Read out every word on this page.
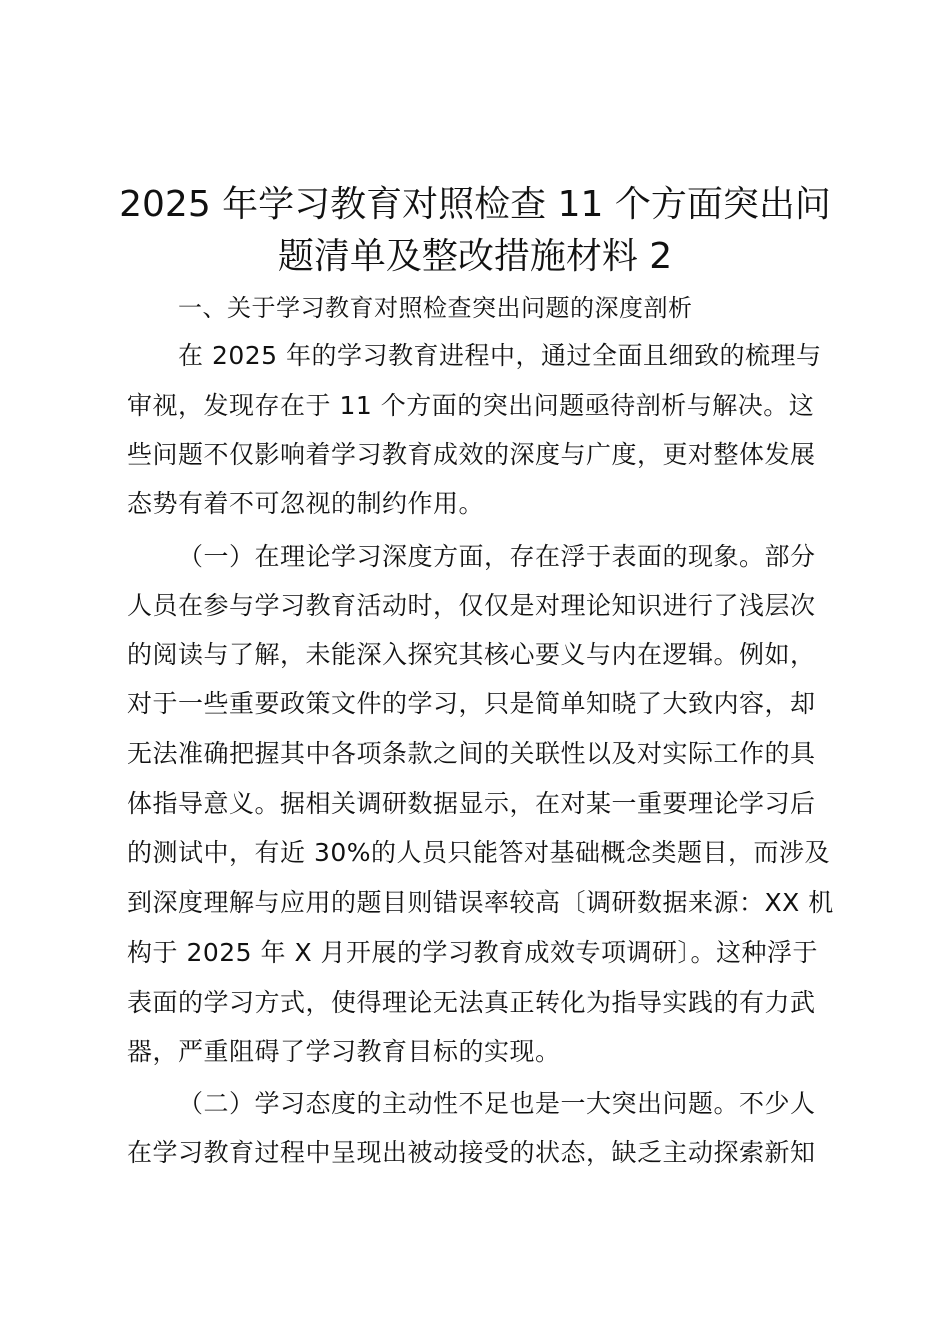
2025 年学习教育对照检查 11 个方面突出问
题清单及整改措施材料 2
一、关于学习教育对照检查突出问题的深度剖析
在 2025 年的学习教育进程中，通过全面且细致的梳理与
审视，发现存在于 11 个方面的突出问题亟待剖析与解决。这
些问题不仅影响着学习教育成效的深度与广度，更对整体发展
态势有着不可忽视的制约作用。
（一）在理论学习深度方面，存在浮于表面的现象。部分
人员在参与学习教育活动时，仅仅是对理论知识进行了浅层次
的阅读与了解，未能深入探究其核心要义与内在逻辑。例如，
对于一些重要政策文件的学习，只是简单知晓了大致内容，却
无法准确把握其中各项条款之间的关联性以及对实际工作的具
体指导意义。据相关调研数据显示，在对某一重要理论学习后
的测试中，有近 30%的人员只能答对基础概念类题目，而涉及
到深度理解与应用的题目则错误率较高〔调研数据来源：XX 机
构于 2025 年 X 月开展的学习教育成效专项调研〕。这种浮于
表面的学习方式，使得理论无法真正转化为指导实践的有力武
器，严重阻碍了学习教育目标的实现。
（二）学习态度的主动性不足也是一大突出问题。不少人
在学习教育过程中呈现出被动接受的状态，缺乏主动探索新知
